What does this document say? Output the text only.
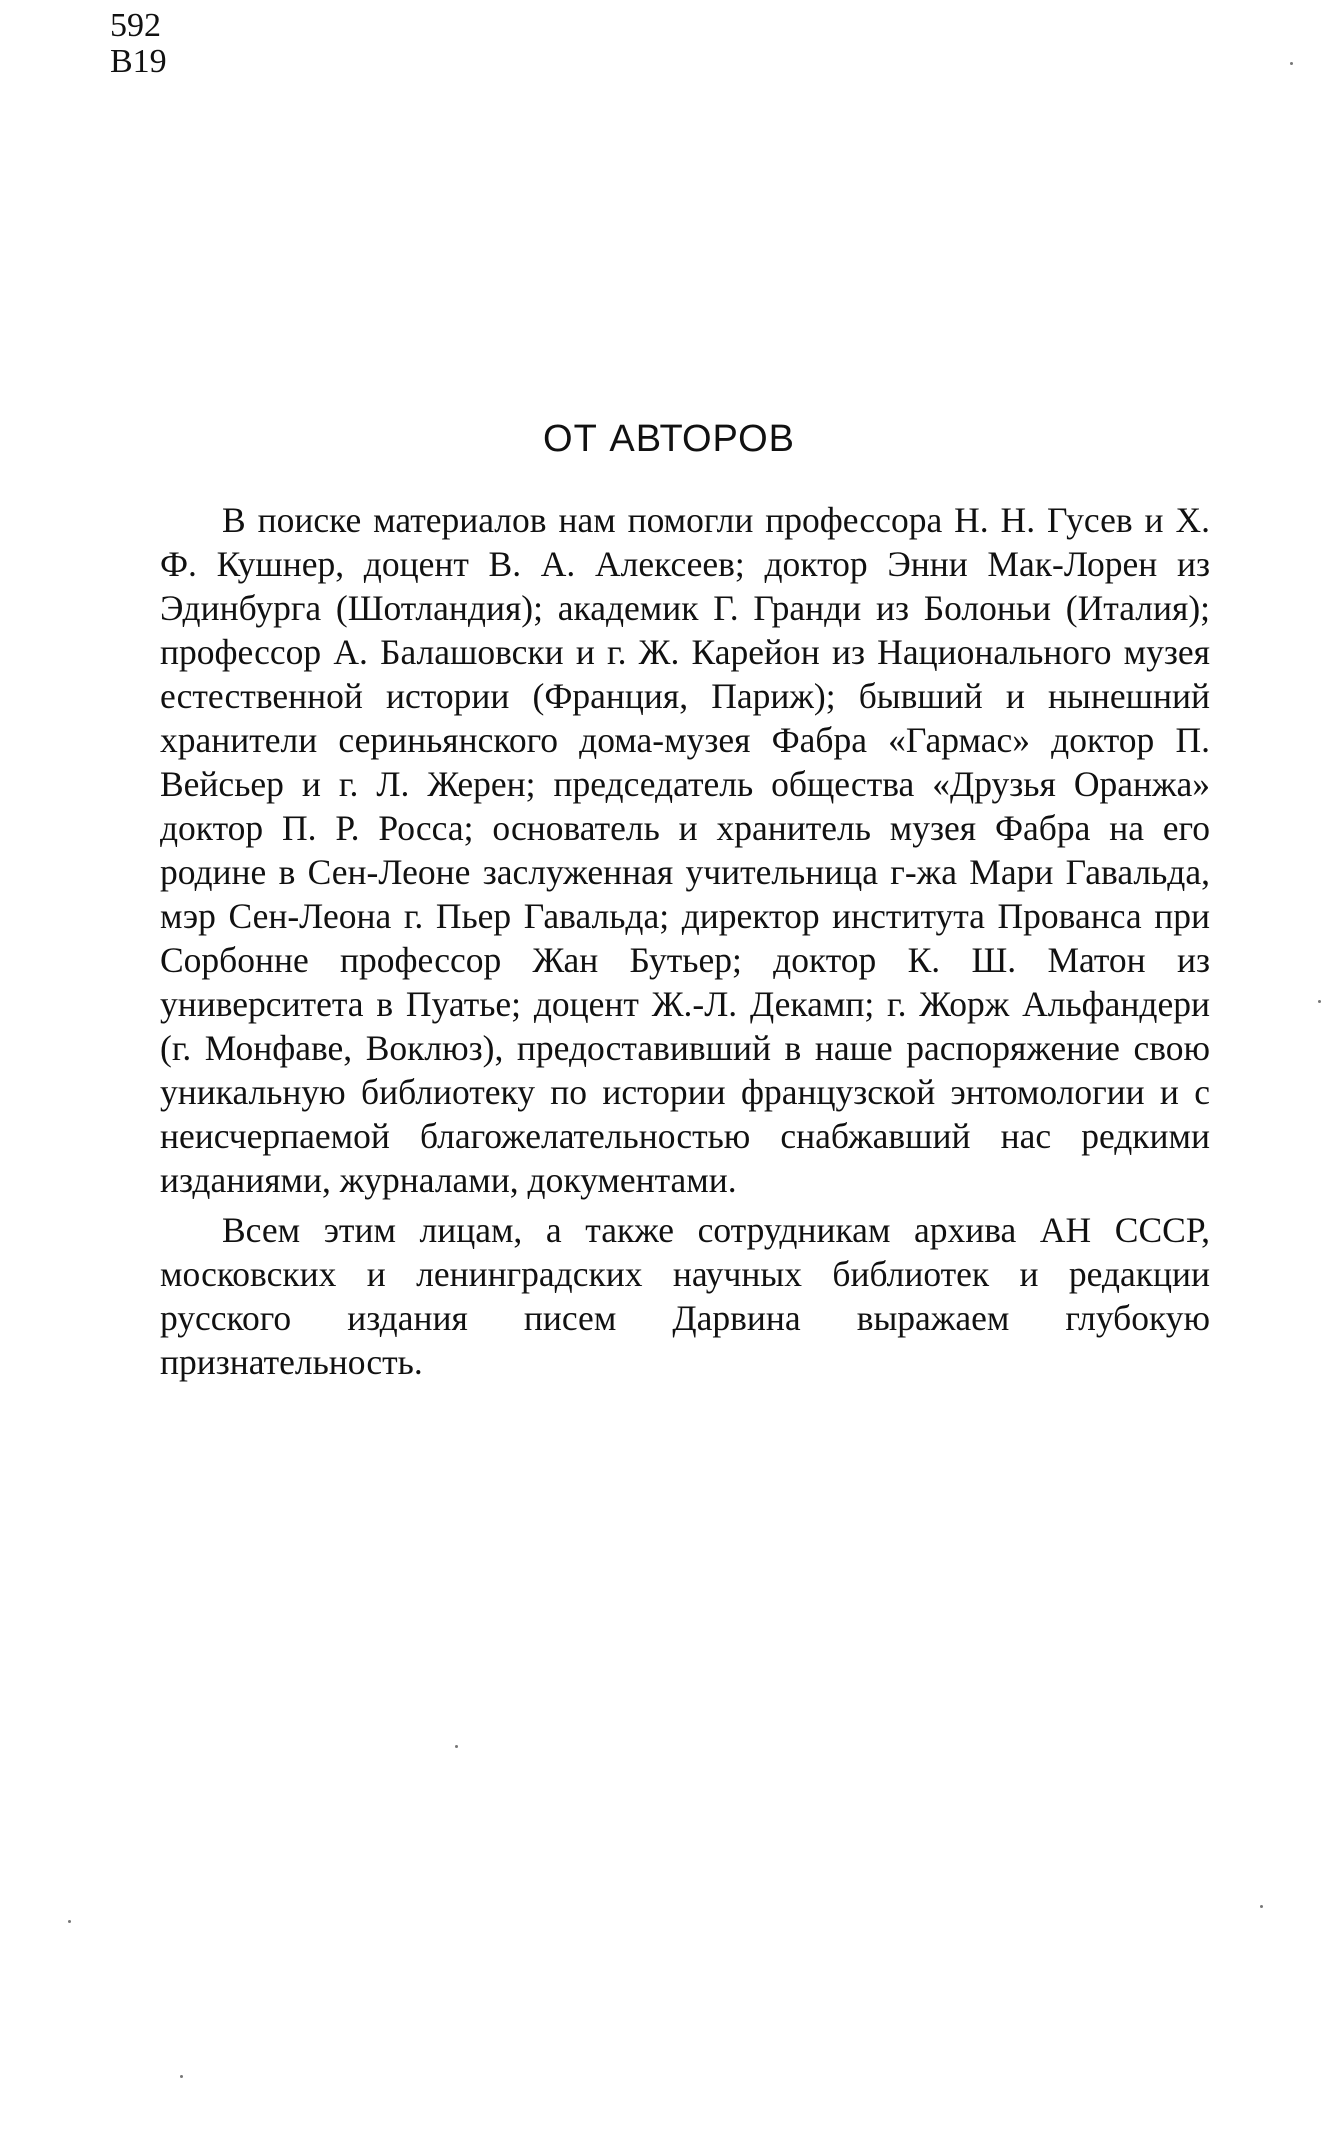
592
В19
ОТ АВТОРОВ

В поиске материалов нам помогли профессора Н. Н. Гусев и Х. Ф. Кушнер, доцент В. А. Алексеев; доктор Энни Мак-Лорен из Эдинбурга (Шотландия); академик Г. Гранди из Болоньи (Италия); профессор А. Балашовски и г. Ж. Карейон из Национального музея естественной истории (Франция, Париж); бывший и нынешний хранители сериньянского дома-музея Фабра «Гармас» доктор П. Вейсьер и г. Л. Жерен; председатель общества «Друзья Оранжа» доктор П. Р. Росса; основатель и хранитель музея Фабра на его родине в Сен-Леоне заслуженная учительница г-жа Мари Гавальда, мэр Сен-Леона г. Пьер Гавальда; директор института Прованса при Сорбонне профессор Жан Бутьер; доктор К. Ш. Матон из университета в Пуатье; доцент Ж.-Л. Декамп; г. Жорж Альфандери (г. Монфаве, Воклюз), предоставивший в наше распоряжение свою уникальную библиотеку по истории французской энтомологии и с неисчерпаемой благожелательностью снабжавший нас редкими изданиями, журналами, документами.

Всем этим лицам, а также сотрудникам архива АН СССР, московских и ленинградских научных библиотек и редакции русского издания писем Дарвина выражаем глубокую признательность.
